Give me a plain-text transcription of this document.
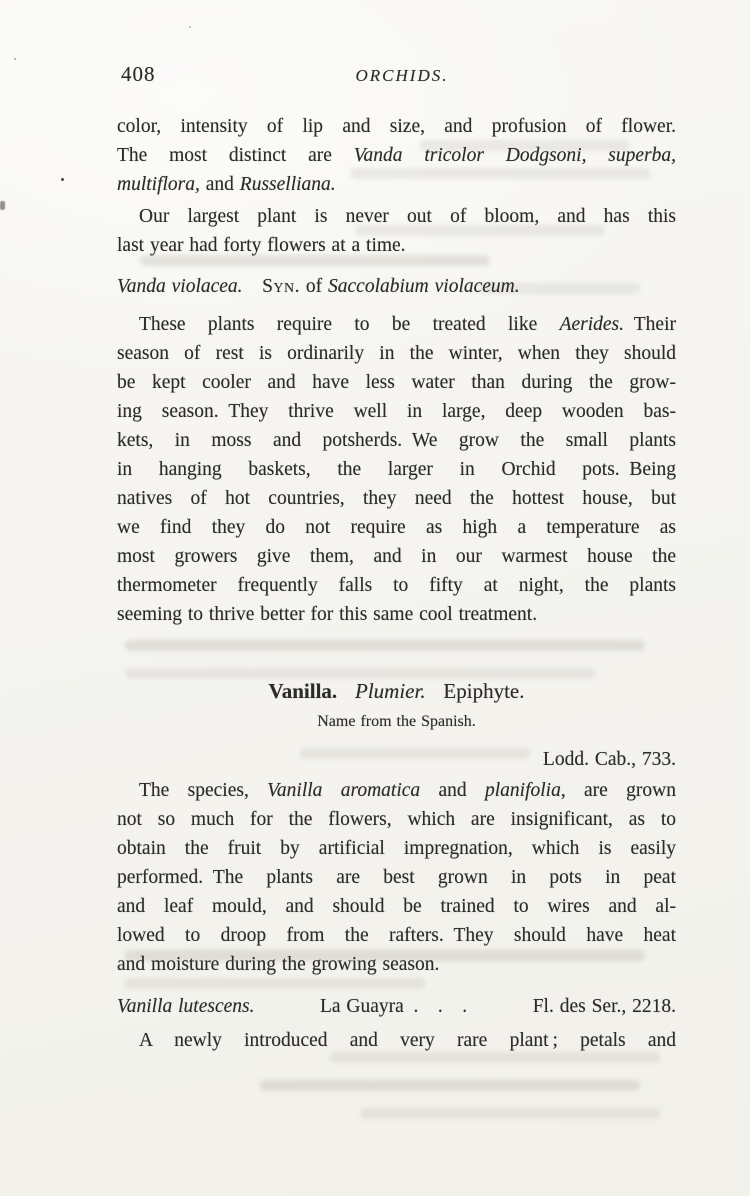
408	ORCHIDS.
color, intensity of lip and size, and profusion of flower.
The most distinct are Vanda tricolor Dodgsoni, superba,
multiflora, and Russelliana.
Our largest plant is never out of bloom, and has this
last year had forty flowers at a time.
Vanda violacea.   Syn. of Saccolabium violaceum.
These plants require to be treated like Aerides. Their
season of rest is ordinarily in the winter, when they should
be kept cooler and have less water than during the grow-
ing season. They thrive well in large, deep wooden bas-
kets, in moss and potsherds. We grow the small plants
in hanging baskets, the larger in Orchid pots. Being
natives of hot countries, they need the hottest house, but
we find they do not require as high a temperature as
most growers give them, and in our warmest house the
thermometer frequently falls to fifty at night, the plants
seeming to thrive better for this same cool treatment.
Vanilla. Plumier. Epiphyte.
Name from the Spanish.
Lodd. Cab., 733.
The species, Vanilla aromatica and planifolia, are grown
not so much for the flowers, which are insignificant, as to
obtain the fruit by artificial impregnation, which is easily
performed. The plants are best grown in pots in peat
and leaf mould, and should be trained to wires and al-
lowed to droop from the rafters. They should have heat
and moisture during the growing season.
Vanilla lutescens.	La Guayra . . .	Fl. des Ser., 2218.
A newly introduced and very rare plant ; petals and
